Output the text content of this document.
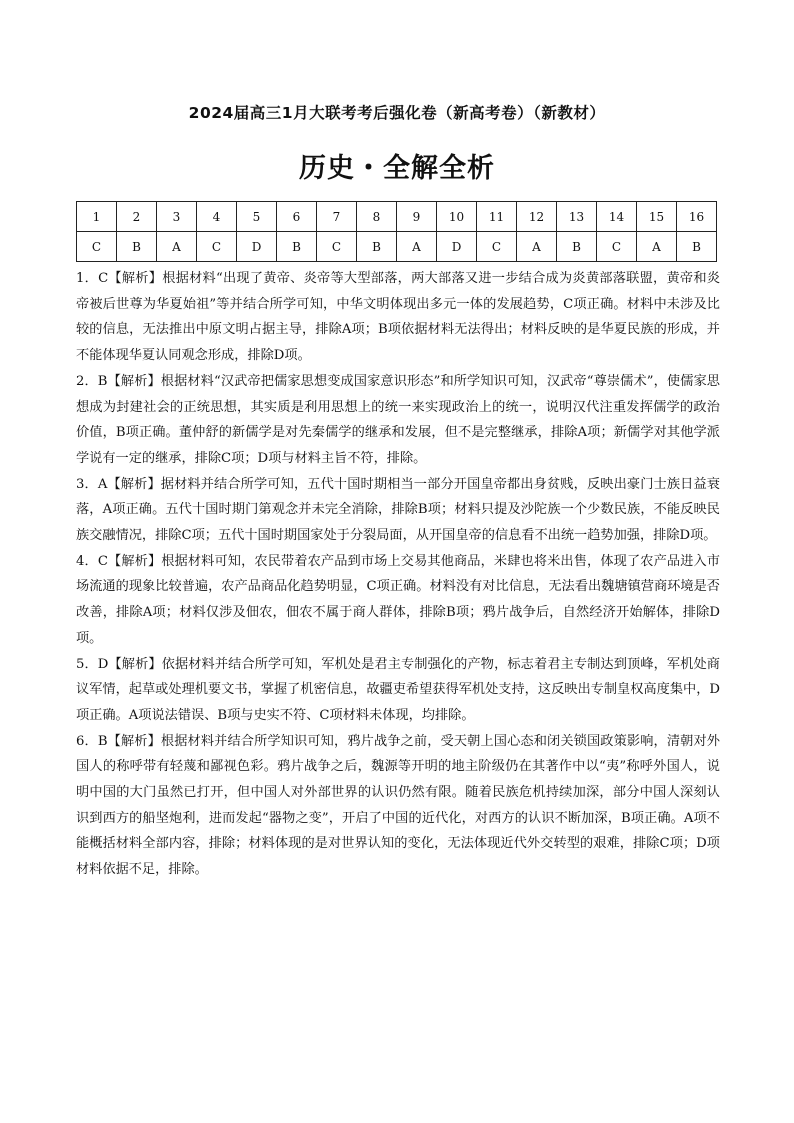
2024届高三1月大联考考后强化卷（新高考卷）（新教材）
历史・全解全析
1	2	3	4	5	6	7	8	9	10	11	12	13	14	15	16
C	B	A	C	D	B	C	B	A	D	C	A	B	C	A	B

1．C【解析】根据材料“出现了黄帝、炎帝等大型部落，两大部落又进一步结合成为炎黄部落联盟，黄帝和炎帝被后世尊为华夏始祖”等并结合所学可知，中华文明体现出多元一体的发展趋势，C项正确。材料中未涉及比较的信息，无法推出中原文明占据主导，排除A项；B项依据材料无法得出；材料反映的是华夏民族的形成，并不能体现华夏认同观念形成，排除D项。

2．B【解析】根据材料“汉武帝把儒家思想变成国家意识形态”和所学知识可知，汉武帝“尊崇儒术”，使儒家思想成为封建社会的正统思想，其实质是利用思想上的统一来实现政治上的统一，说明汉代注重发挥儒学的政治价值，B项正确。董仲舒的新儒学是对先秦儒学的继承和发展，但不是完整继承，排除A项；新儒学对其他学派学说有一定的继承，排除C项；D项与材料主旨不符，排除。

3．A【解析】据材料并结合所学可知，五代十国时期相当一部分开国皇帝都出身贫贱，反映出豪门士族日益衰落，A项正确。五代十国时期门第观念并未完全消除，排除B项；材料只提及沙陀族一个少数民族，不能反映民族交融情况，排除C项；五代十国时期国家处于分裂局面，从开国皇帝的信息看不出统一趋势加强，排除D项。

4．C【解析】根据材料可知，农民带着农产品到市场上交易其他商品，米肆也将米出售，体现了农产品进入市场流通的现象比较普遍，农产品商品化趋势明显，C项正确。材料没有对比信息，无法看出魏塘镇营商环境是否改善，排除A项；材料仅涉及佃农，佃农不属于商人群体，排除B项；鸦片战争后，自然经济开始解体，排除D项。

5．D【解析】依据材料并结合所学可知，军机处是君主专制强化的产物，标志着君主专制达到顶峰，军机处商议军情，起草或处理机要文书，掌握了机密信息，故疆吏希望获得军机处支持，这反映出专制皇权高度集中，D项正确。A项说法错误、B项与史实不符、C项材料未体现，均排除。

6．B【解析】根据材料并结合所学知识可知，鸦片战争之前，受天朝上国心态和闭关锁国政策影响，清朝对外国人的称呼带有轻蔑和鄙视色彩。鸦片战争之后，魏源等开明的地主阶级仍在其著作中以“夷”称呼外国人，说明中国的大门虽然已打开，但中国人对外部世界的认识仍然有限。随着民族危机持续加深，部分中国人深刻认识到西方的船坚炮利，进而发起“器物之变”，开启了中国的近代化，对西方的认识不断加深，B项正确。A项不能概括材料全部内容，排除；材料体现的是对世界认知的变化，无法体现近代外交转型的艰难，排除C项；D项材料依据不足，排除。
